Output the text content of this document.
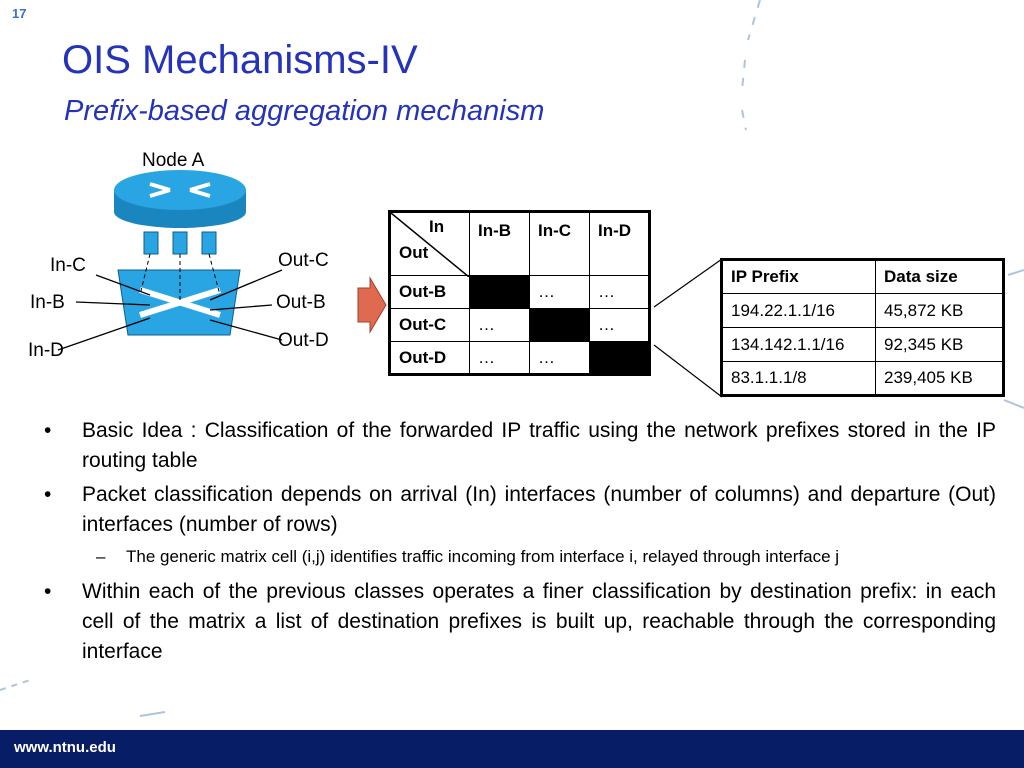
17
OIS Mechanisms-IV
Prefix-based aggregation mechanism
Node A
In-C
In-B
In-D
Out-C
Out-B
Out-D
In
Out	In-B	In-C	In-D
Out-B		…	…
Out-C	…		…
Out-D	…	…	
IP Prefix	Data size
194.22.1.1/16	45,872 KB
134.142.1.1/16	92,345 KB
83.1.1.1/8	239,405 KB
• Basic Idea : Classification of the forwarded IP traffic using the network prefixes stored in the IP routing table
• Packet classification depends on arrival (In) interfaces (number of columns) and departure (Out) interfaces (number of rows)
– The generic matrix cell (i,j) identifies traffic incoming from interface i, relayed through interface j
• Within each of the previous classes operates a finer classification by destination prefix: in each cell of the matrix a list of destination prefixes is built up, reachable through the corresponding interface
www.ntnu.edu
